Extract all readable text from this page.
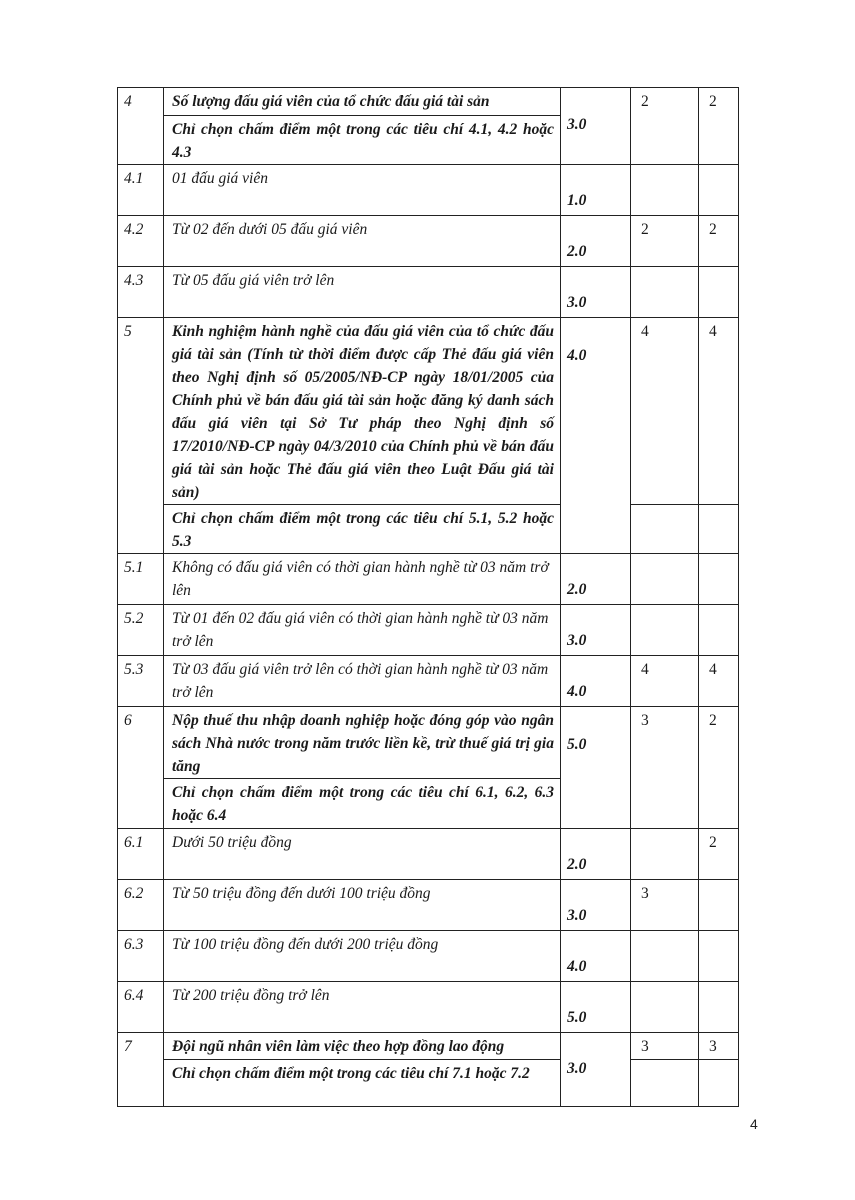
4	Số lượng đấu giá viên của tổ chức đấu giá tài sản	3.0	2	2
	Chỉ chọn chấm điểm một trong các tiêu chí 4.1, 4.2 hoặc 4.3			
4.1	01 đấu giá viên	1.0		
4.2	Từ 02 đến dưới 05 đấu giá viên	2.0	2	2
4.3	Từ 05 đấu giá viên trở lên	3.0		
5	Kinh nghiệm hành nghề của đấu giá viên của tổ chức đấu giá tài sản (Tính từ thời điểm được cấp Thẻ đấu giá viên theo Nghị định số 05/2005/NĐ-CP ngày 18/01/2005 của Chính phủ về bán đấu giá tài sản hoặc đăng ký danh sách đấu giá viên tại Sở Tư pháp theo Nghị định số 17/2010/NĐ-CP ngày 04/3/2010 của Chính phủ về bán đấu giá tài sản hoặc Thẻ đấu giá viên theo Luật Đấu giá tài sản)	4.0	4	4
	Chỉ chọn chấm điểm một trong các tiêu chí 5.1, 5.2 hoặc 5.3			
5.1	Không có đấu giá viên có thời gian hành nghề từ 03 năm trở lên	2.0		
5.2	Từ 01 đến 02 đấu giá viên có thời gian hành nghề từ 03 năm trở lên	3.0		
5.3	Từ 03 đấu giá viên trở lên có thời gian hành nghề từ 03 năm trở lên	4.0	4	4
6	Nộp thuế thu nhập doanh nghiệp hoặc đóng góp vào ngân sách Nhà nước trong năm trước liền kề, trừ thuế giá trị gia tăng	5.0	3	2
	Chỉ chọn chấm điểm một trong các tiêu chí 6.1, 6.2, 6.3 hoặc 6.4			
6.1	Dưới 50 triệu đồng	2.0		2
6.2	Từ 50 triệu đồng đến dưới 100 triệu đồng	3.0	3	
6.3	Từ 100 triệu đồng đến dưới 200 triệu đồng	4.0		
6.4	Từ 200 triệu đồng trở lên	5.0		
7	Đội ngũ nhân viên làm việc theo hợp đồng lao động	3.0	3	3
	Chỉ chọn chấm điểm một trong các tiêu chí 7.1 hoặc 7.2			
4
